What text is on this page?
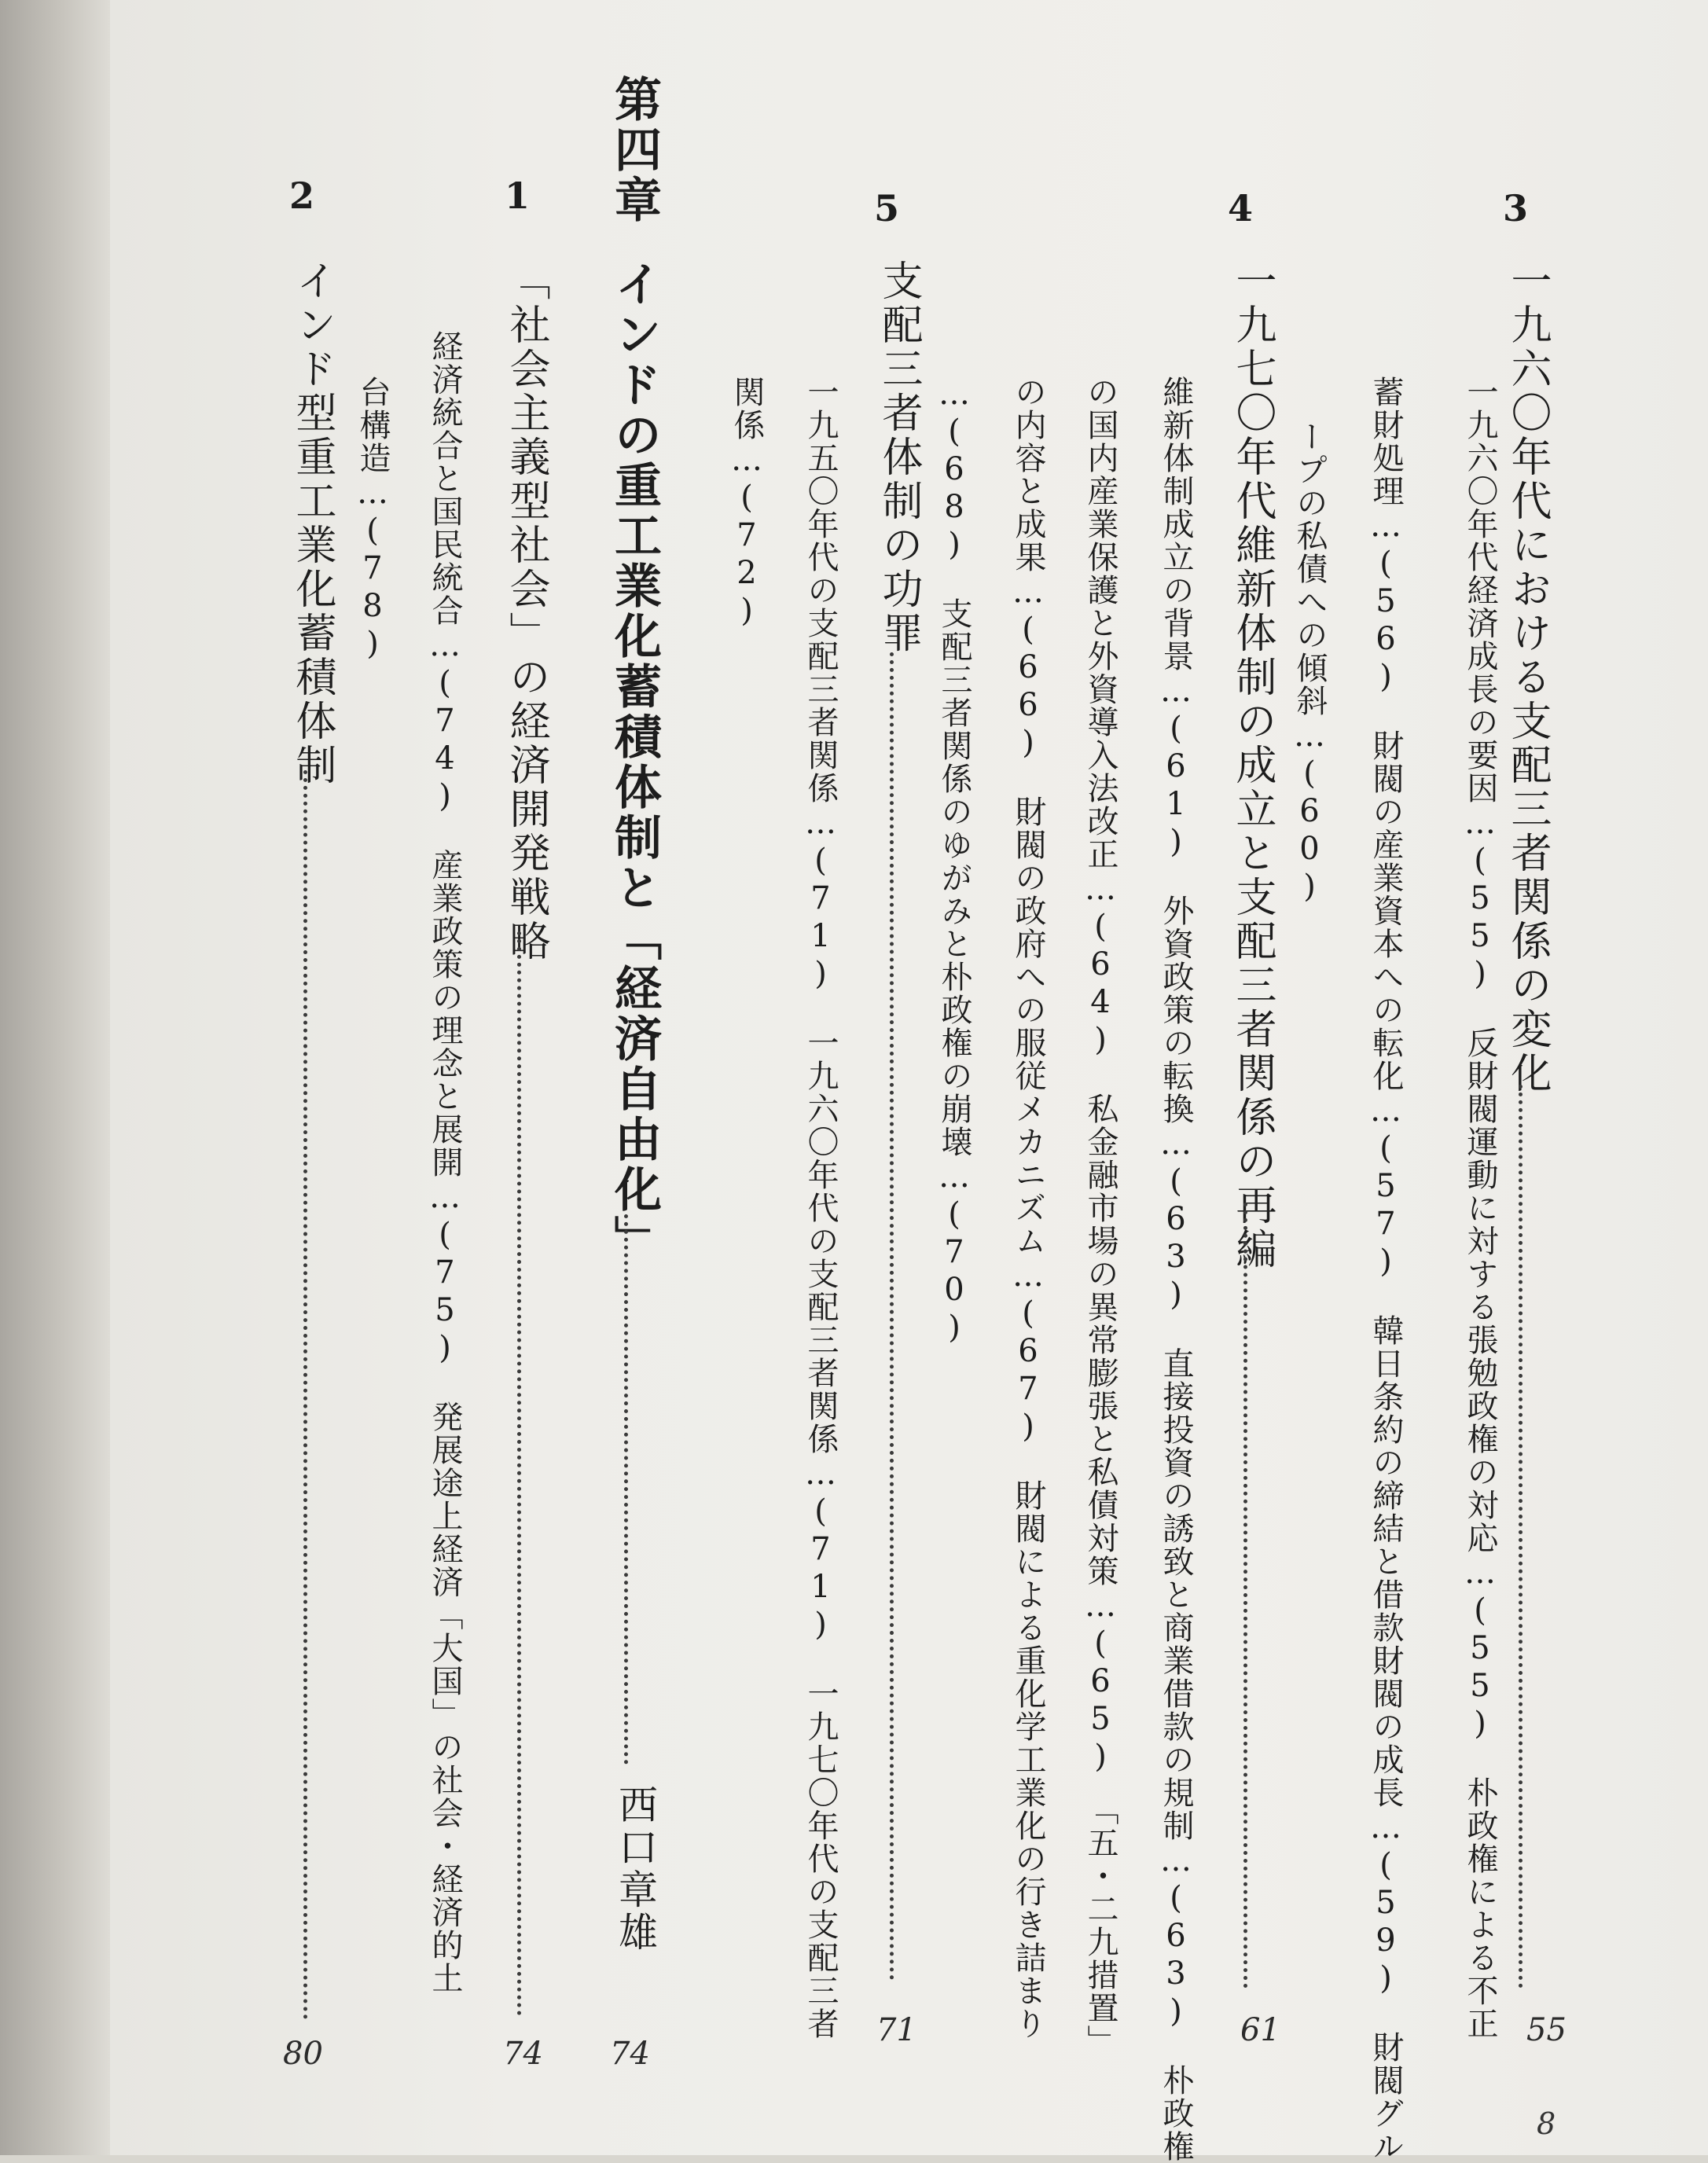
3
一九六〇年代における支配三者関係の変化
55
一九六〇年代経済成長の要因…(55)　反財閥運動に対する張勉政権の対応…(55)　朴政権による不正
蓄財処理…(56)　財閥の産業資本への転化…(57)　韓日条約の締結と借款財閥の成長…(59)　財閥グル
ープの私債への傾斜…(60)
4
一九七〇年代維新体制の成立と支配三者関係の再編
61
維新体制成立の背景…(61)　外資政策の転換…(63)　直接投資の誘致と商業借款の規制…(63)　朴政権
の国内産業保護と外資導入法改正…(64)　私金融市場の異常膨張と私債対策…(65)　「五・二九措置」
の内容と成果…(66)　財閥の政府への服従メカニズム…(67)　財閥による重化学工業化の行き詰まり
…(68)　支配三者関係のゆがみと朴政権の崩壊…(70)
5
支配三者体制の功罪
71
一九五〇年代の支配三者関係…(71)　一九六〇年代の支配三者関係…(71)　一九七〇年代の支配三者
関係…(72)
第四章
インドの重工業化蓄積体制と「経済自由化」
西口章雄
74
1
「社会主義型社会」の経済開発戦略
74
経済統合と国民統合…(74)　産業政策の理念と展開…(75)　発展途上経済「大国」の社会・経済的土
台構造…(78)
2
インド型重工業化蓄積体制
80
8
